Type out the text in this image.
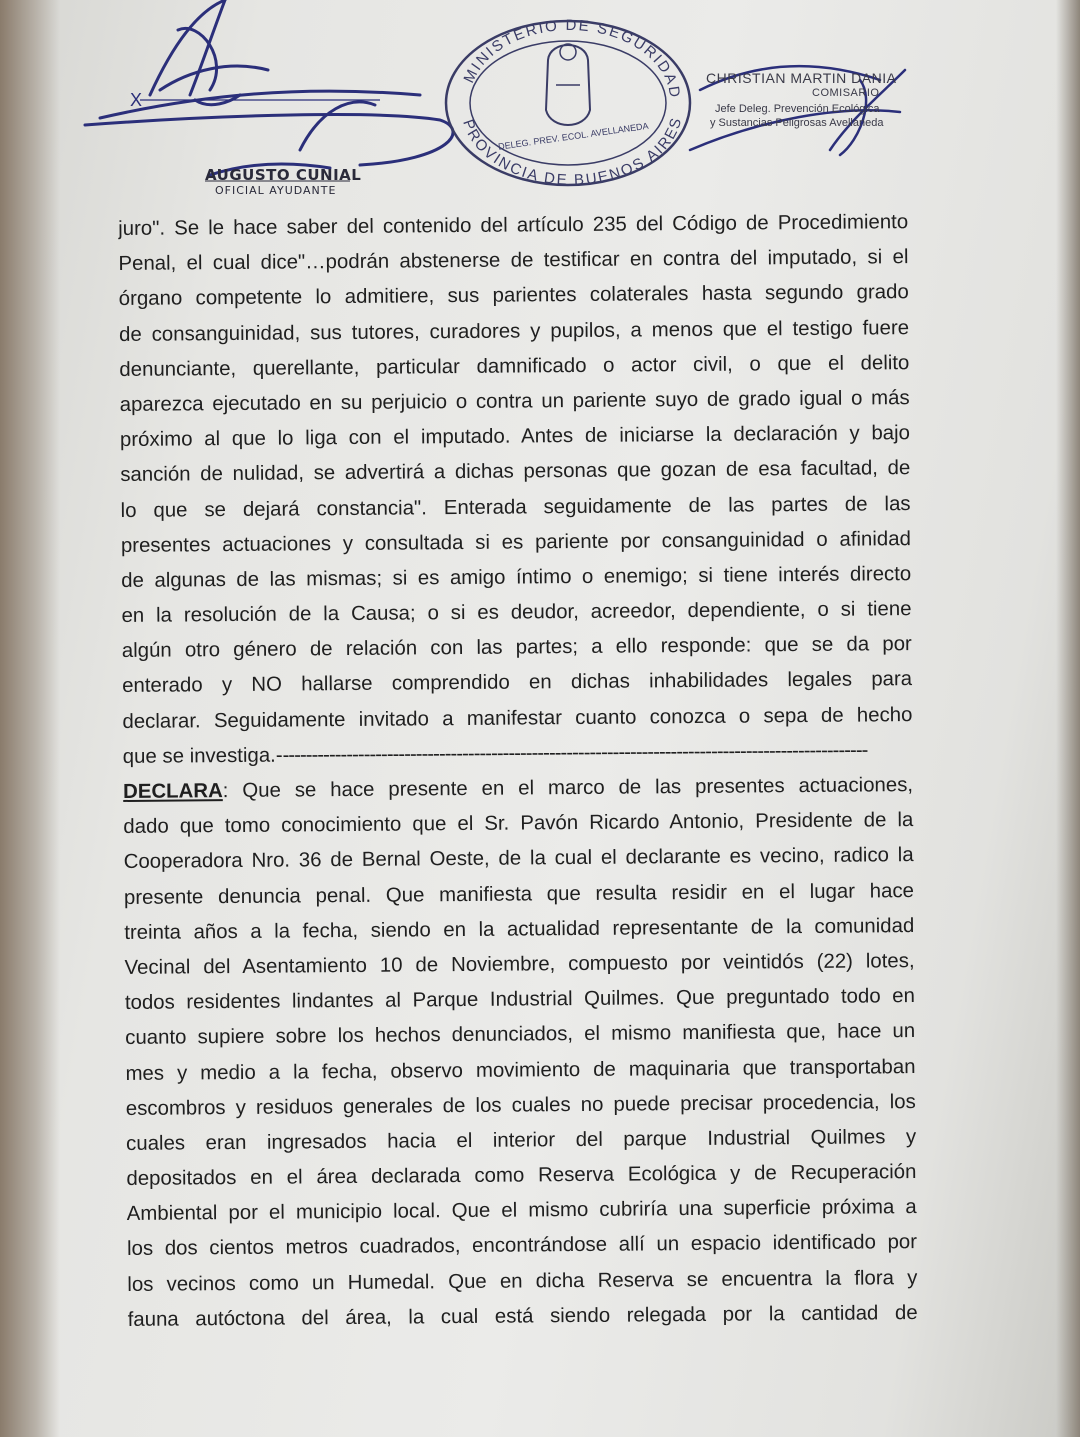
X
MINISTERIO DE SEGURIDAD
PROVINCIA DE BUENOS AIRES
DELEG. PREV. ECOL. AVELLANEDA
AUGUSTO CUNIAL
OFICIAL AYUDANTE
CHRISTIAN MARTIN DANIA
COMISARIO
Jefe Deleg. Prevención Ecológica
y Sustancias Peligrosas Avellaneda
juro". Se le hace saber del contenido del artículo 235 del Código de Procedimiento
Penal, el cual dice"…podrán abstenerse de testificar en contra del imputado, si el
órgano competente lo admitiere, sus parientes colaterales hasta segundo grado
de consanguinidad, sus tutores, curadores y pupilos, a menos que el testigo fuere
denunciante, querellante, particular damnificado o actor civil, o que el delito
aparezca ejecutado en su perjuicio o contra un pariente suyo de grado igual o más
próximo al que lo liga con el imputado. Antes de iniciarse la declaración y bajo
sanción de nulidad, se advertirá a dichas personas que gozan de esa facultad, de
lo que se dejará constancia". Enterada seguidamente de las partes de las
presentes actuaciones y consultada si es pariente por consanguinidad o afinidad
de algunas de las mismas; si es amigo íntimo o enemigo; si tiene interés directo
en la resolución de la Causa; o si es deudor, acreedor, dependiente, o si tiene
algún otro género de relación con las partes; a ello responde: que se da por
enterado y NO hallarse comprendido en dichas inhabilidades legales para
declarar. Seguidamente invitado a manifestar cuanto conozca o sepa de hecho
que se investiga.------------------------------------------------------------------------------------------------------
DECLARA: Que se hace presente en el marco de las presentes actuaciones,
dado que tomo conocimiento que el Sr. Pavón Ricardo Antonio, Presidente de la
Cooperadora Nro. 36 de Bernal Oeste, de la cual el declarante es vecino, radico la
presente denuncia penal. Que manifiesta que resulta residir en el lugar hace
treinta años a la fecha, siendo en la actualidad representante de la comunidad
Vecinal del Asentamiento 10 de Noviembre, compuesto por veintidós (22) lotes,
todos residentes lindantes al Parque Industrial Quilmes. Que preguntado todo en
cuanto supiere sobre los hechos denunciados, el mismo manifiesta que, hace un
mes y medio a la fecha, observo movimiento de maquinaria que transportaban
escombros y residuos generales de los cuales no puede precisar procedencia, los
cuales eran ingresados hacia el interior del parque Industrial Quilmes y
depositados en el área declarada como Reserva Ecológica y de Recuperación
Ambiental por el municipio local. Que el mismo cubriría una superficie próxima a
los dos cientos metros cuadrados, encontrándose allí un espacio identificado por
los vecinos como un Humedal. Que en dicha Reserva se encuentra la flora y
fauna autóctona del área, la cual está siendo relegada por la cantidad de
